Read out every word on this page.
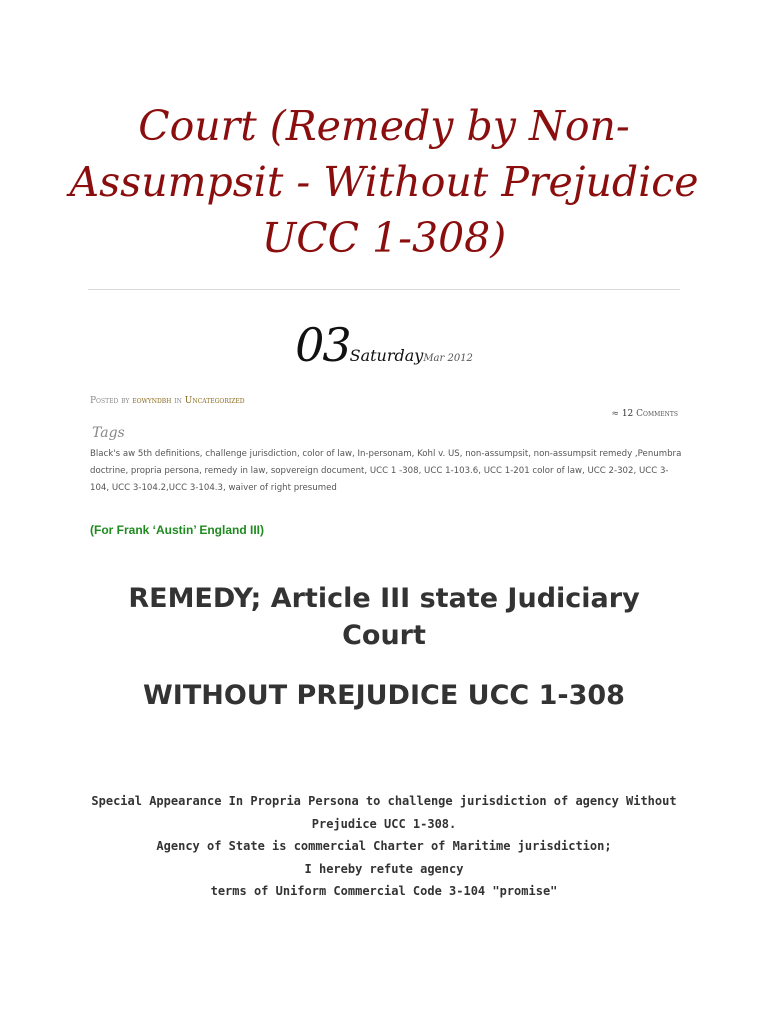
Court (Remedy by Non-Assumpsit - Without Prejudice UCC 1-308)
03SaturdayMar 2012
Posted by eowyndbh in Uncategorized
≈ 12 Comments
Tags
Black's aw 5th definitions, challenge jurisdiction, color of law, In-personam, Kohl v. US, non-assumpsit, non-assumpsit remedy ,Penumbra doctrine, propria persona, remedy in law, sopvereign document, UCC 1 -308, UCC 1-103.6, UCC 1-201 color of law, UCC 2-302, UCC 3-104, UCC 3-104.2,UCC 3-104.3, waiver of right presumed
(For Frank ‘Austin’ England III)
REMEDY; Article III state Judiciary Court
WITHOUT PREJUDICE UCC 1-308
Special Appearance In Propria Persona to challenge jurisdiction of agency Without
Prejudice UCC 1-308.
Agency of State is commercial Charter of Maritime jurisdiction;
I hereby refute agency
terms of Uniform Commercial Code 3-104 "promise"
